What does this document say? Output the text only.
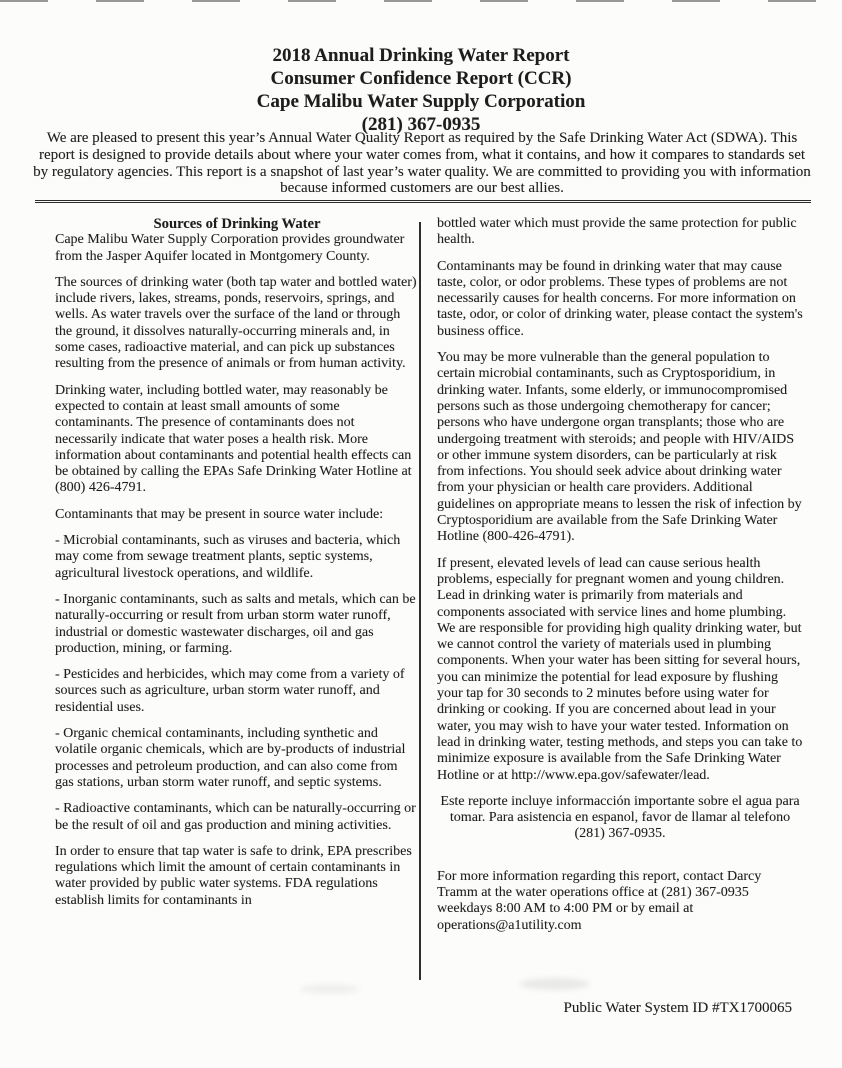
2018 Annual Drinking Water Report
Consumer Confidence Report (CCR)
Cape Malibu Water Supply Corporation
(281) 367-0935

We are pleased to present this year’s Annual Water Quality Report as required by the Safe Drinking Water Act (SDWA). This report is designed to provide details about where your water comes from, what it contains, and how it compares to standards set by regulatory agencies. This report is a snapshot of last year’s water quality. We are committed to providing you with information because informed customers are our best allies.

Sources of Drinking Water

Cape Malibu Water Supply Corporation provides groundwater from the Jasper Aquifer located in Montgomery County.

The sources of drinking water (both tap water and bottled water) include rivers, lakes, streams, ponds, reservoirs, springs, and wells. As water travels over the surface of the land or through the ground, it dissolves naturally-occurring minerals and, in some cases, radioactive material, and can pick up substances resulting from the presence of animals or from human activity.

Drinking water, including bottled water, may reasonably be expected to contain at least small amounts of some contaminants. The presence of contaminants does not necessarily indicate that water poses a health risk. More information about contaminants and potential health effects can be obtained by calling the EPAs Safe Drinking Water Hotline at (800) 426-4791.

Contaminants that may be present in source water include:

- Microbial contaminants, such as viruses and bacteria, which may come from sewage treatment plants, septic systems, agricultural livestock operations, and wildlife.

- Inorganic contaminants, such as salts and metals, which can be naturally-occurring or result from urban storm water runoff, industrial or domestic wastewater discharges, oil and gas production, mining, or farming.

- Pesticides and herbicides, which may come from a variety of sources such as agriculture, urban storm water runoff, and residential uses.

- Organic chemical contaminants, including synthetic and volatile organic chemicals, which are by-products of industrial processes and petroleum production, and can also come from gas stations, urban storm water runoff, and septic systems.

- Radioactive contaminants, which can be naturally-occurring or be the result of oil and gas production and mining activities.

In order to ensure that tap water is safe to drink, EPA prescribes regulations which limit the amount of certain contaminants in water provided by public water systems. FDA regulations establish limits for contaminants in

bottled water which must provide the same protection for public health.

Contaminants may be found in drinking water that may cause taste, color, or odor problems. These types of problems are not necessarily causes for health concerns. For more information on taste, odor, or color of drinking water, please contact the system's business office.

You may be more vulnerable than the general population to certain microbial contaminants, such as Cryptosporidium, in drinking water. Infants, some elderly, or immunocompromised persons such as those undergoing chemotherapy for cancer; persons who have undergone organ transplants; those who are undergoing treatment with steroids; and people with HIV/AIDS or other immune system disorders, can be particularly at risk from infections. You should seek advice about drinking water from your physician or health care providers. Additional guidelines on appropriate means to lessen the risk of infection by Cryptosporidium are available from the Safe Drinking Water Hotline (800-426-4791).

If present, elevated levels of lead can cause serious health problems, especially for pregnant women and young children. Lead in drinking water is primarily from materials and components associated with service lines and home plumbing. We are responsible for providing high quality drinking water, but we cannot control the variety of materials used in plumbing components. When your water has been sitting for several hours, you can minimize the potential for lead exposure by flushing your tap for 30 seconds to 2 minutes before using water for drinking or cooking. If you are concerned about lead in your water, you may wish to have your water tested. Information on lead in drinking water, testing methods, and steps you can take to minimize exposure is available from the Safe Drinking Water Hotline or at http://www.epa.gov/safewater/lead.

Este reporte incluye informacción importante sobre el agua para tomar. Para asistencia en espanol, favor de llamar al telefono (281) 367-0935.

For more information regarding this report, contact Darcy Tramm at the water operations office at (281) 367-0935 weekdays 8:00 AM to 4:00 PM or by email at operations@a1utility.com

Public Water System ID #TX1700065
